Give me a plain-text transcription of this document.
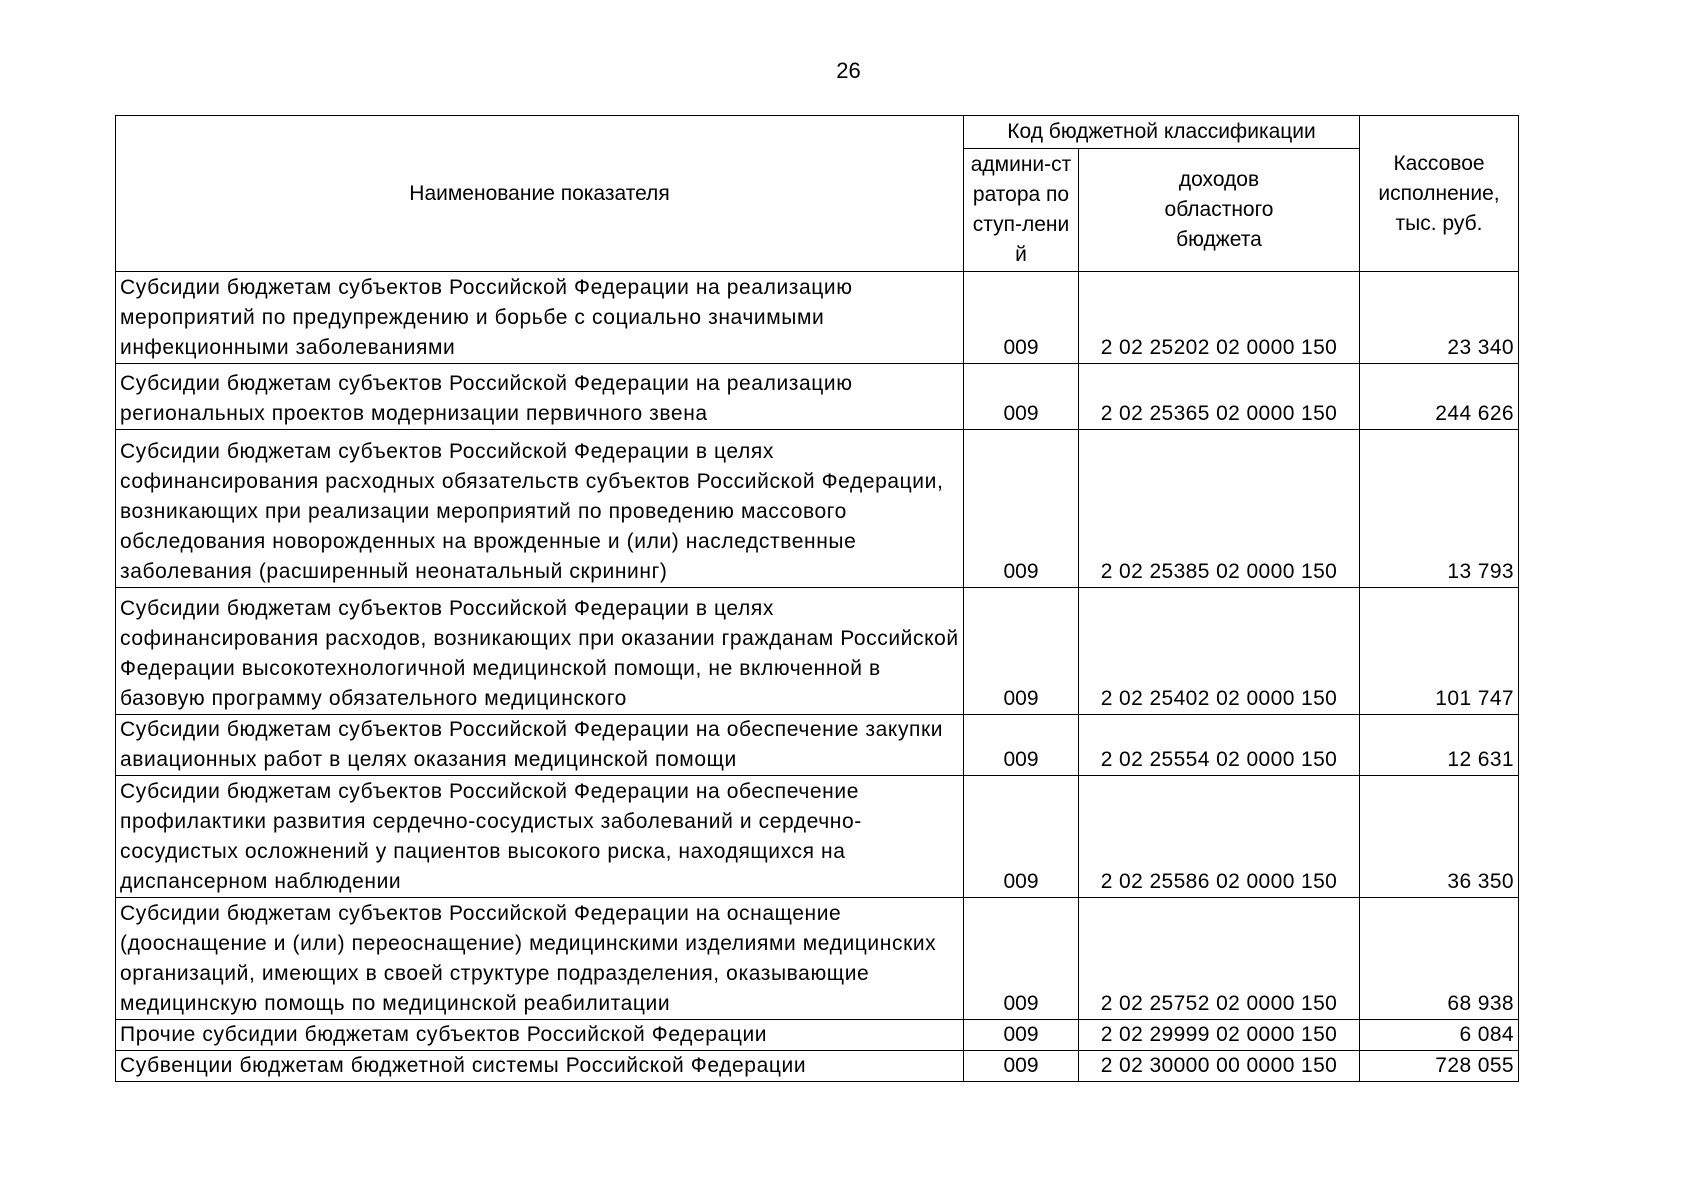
26
Наименование показателя	Код бюджетной классификации		Кассовое исполнение, тыс. руб.
	админи-стратора поступ-лений	доходов областного бюджета	
Субсидии бюджетам субъектов Российской Федерации на реализацию мероприятий по предупреждению и борьбе с социально значимыми инфекционными заболеваниями	009	2 02 25202 02 0000 150	23 340
Субсидии бюджетам субъектов Российской Федерации на реализацию региональных проектов модернизации первичного звена	009	2 02 25365 02 0000 150	244 626
Субсидии бюджетам субъектов Российской Федерации в целях софинансирования расходных обязательств субъектов Российской Федерации, возникающих при реализации мероприятий по проведению массового обследования новорожденных на врожденные и (или) наследственные заболевания (расширенный неонатальный скрининг)	009	2 02 25385 02 0000 150	13 793
Субсидии бюджетам субъектов Российской Федерации в целях софинансирования расходов, возникающих при оказании гражданам Российской Федерации высокотехнологичной медицинской помощи, не включенной в базовую программу обязательного медицинского	009	2 02 25402 02 0000 150	101 747
Субсидии бюджетам субъектов Российской Федерации на обеспечение закупки авиационных работ в целях оказания медицинской помощи	009	2 02 25554 02 0000 150	12 631
Субсидии бюджетам субъектов Российской Федерации на обеспечение профилактики развития сердечно-сосудистых заболеваний и сердечно-сосудистых осложнений у пациентов высокого риска, находящихся на диспансерном наблюдении	009	2 02 25586 02 0000 150	36 350
Субсидии бюджетам субъектов Российской Федерации на оснащение (дооснащение и (или) переоснащение) медицинскими изделиями медицинских организаций, имеющих в своей структуре подразделения, оказывающие медицинскую помощь по медицинской реабилитации	009	2 02 25752 02 0000 150	68 938
Прочие субсидии бюджетам субъектов Российской Федерации	009	2 02 29999 02 0000 150	6 084
Субвенции бюджетам бюджетной системы Российской Федерации	009	2 02 30000 00 0000 150	728 055
